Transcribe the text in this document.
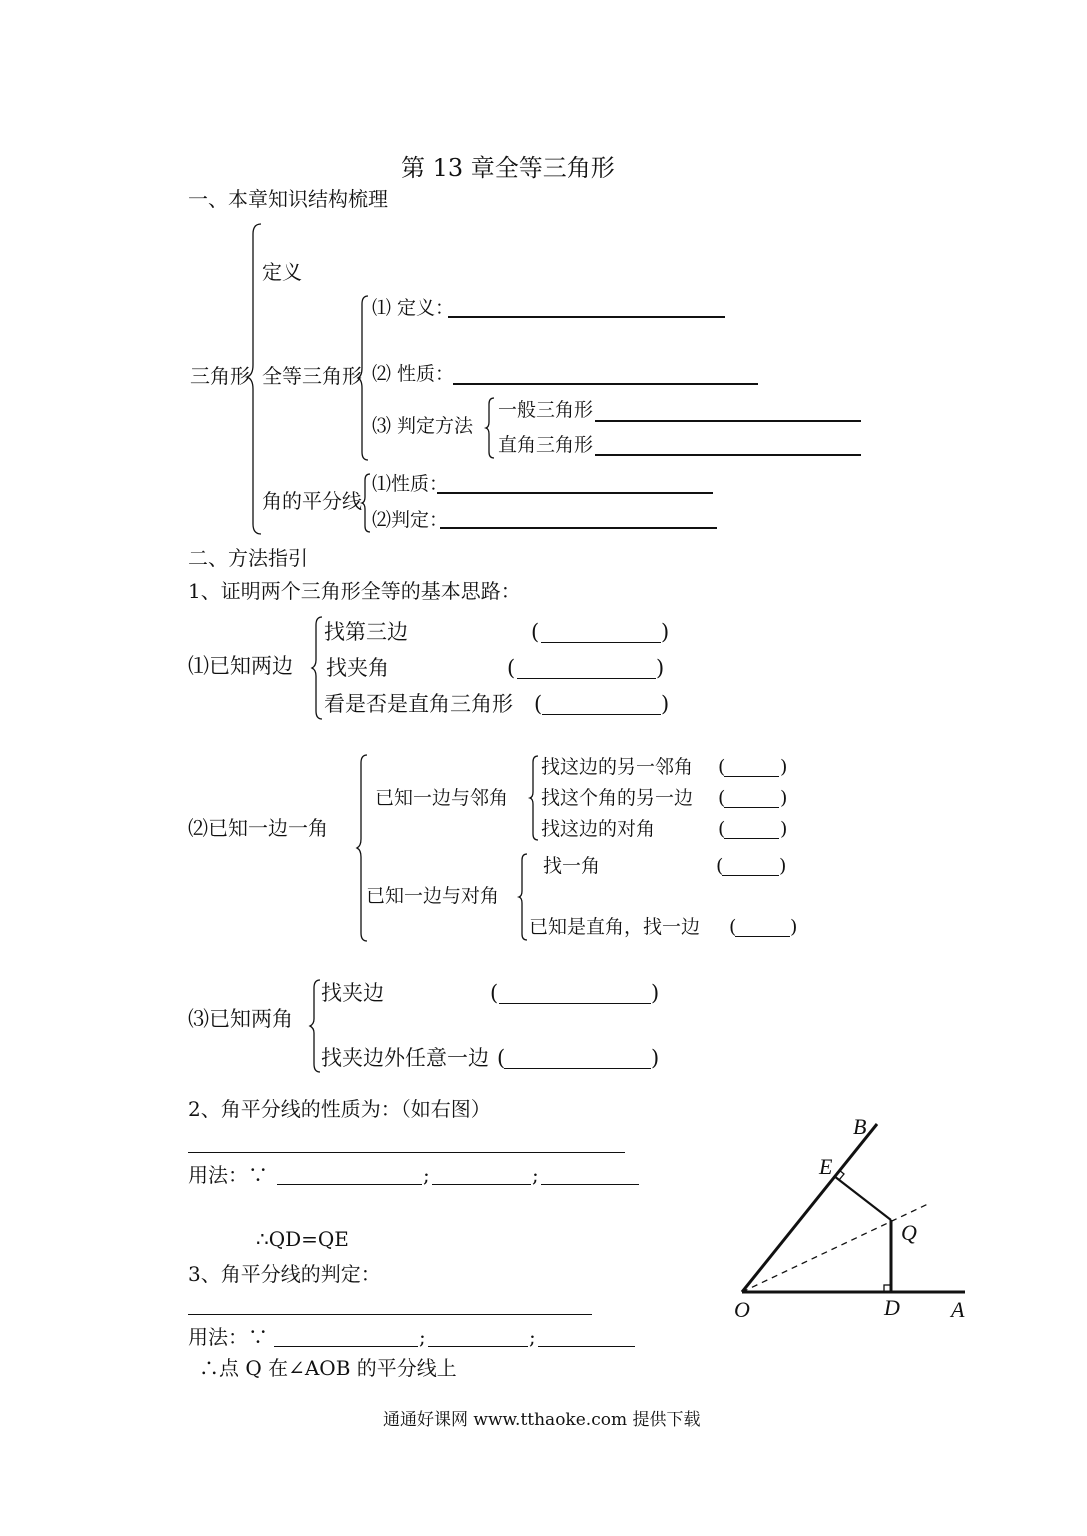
第 13 章全等三角形
一、本章知识结构梳理
三角形
定义
全等三角形
⑴ 定义：
⑵ 性质：
⑶ 判定方法
一般三角形
直角三角形
角的平分线
⑴性质：
⑵判定：
二、方法指引
1、证明两个三角形全等的基本思路：
⑴已知两边
找第三边	(	)
找夹角	(	)
看是否是直角三角形 (	)
⑵已知一边一角
已知一边与邻角
找这边的另一邻角 (	)
找这个角的另一边 (	)
找这边的对角	(	)
已知一边与对角
找一角	(	)
已知是直角，找一边 (	)
⑶已知两角
找夹边	(	)
找夹边外任意一边 (	)
2、角平分线的性质为：（如右图）
用法：∵	;	;
∴QD=QE
3、角平分线的判定：
用法：∵	;	;
∴点 Q 在∠AOB 的平分线上
B
E
Q
O	D A
通通好课网 www.tthaoke.com 提供下载
